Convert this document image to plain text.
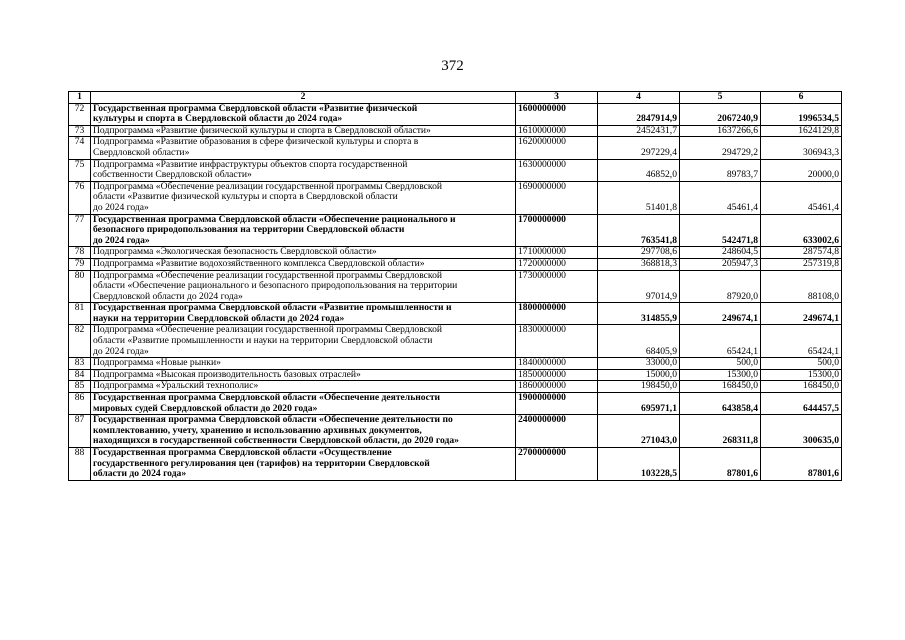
372
1	2	3	4	5	6
72	Государственная программа Свердловской области «Развитие физической
культуры и спорта в Свердловской области до 2024 года»	1600000000	2847914,9	2067240,9	1996534,5
73	Подпрограмма «Развитие физической культуры и спорта в Свердловской области»	1610000000	2452431,7	1637266,6	1624129,8
74	Подпрограмма «Развитие образования в сфере физической культуры и спорта в
Свердловской области»	1620000000	297229,4	294729,2	306943,3
75	Подпрограмма «Развитие инфраструктуры объектов спорта государственной
собственности Свердловской области»	1630000000	46852,0	89783,7	20000,0
76	Подпрограмма «Обеспечение реализации государственной программы Свердловской
области «Развитие физической культуры и спорта в Свердловской области
до 2024 года»	1690000000	51401,8	45461,4	45461,4
77	Государственная программа Свердловской области «Обеспечение рационального и
безопасного природопользования на территории Свердловской области
до 2024 года»	1700000000	763541,8	542471,8	633002,6
78	Подпрограмма «Экологическая безопасность Свердловской области»	1710000000	297708,6	248604,5	287574,8
79	Подпрограмма «Развитие водохозяйственного комплекса Свердловской области»	1720000000	368818,3	205947,3	257319,8
80	Подпрограмма «Обеспечение реализации государственной программы Свердловской
области «Обеспечение рационального и безопасного природопользования на территории
Свердловской области до 2024 года»	1730000000	97014,9	87920,0	88108,0
81	Государственная программа Свердловской области «Развитие промышленности и
науки на территории Свердловской области до 2024 года»	1800000000	314855,9	249674,1	249674,1
82	Подпрограмма «Обеспечение реализации государственной программы Свердловской
области «Развитие промышленности и науки на территории Свердловской области
до 2024 года»	1830000000	68405,9	65424,1	65424,1
83	Подпрограмма «Новые рынки»	1840000000	33000,0	500,0	500,0
84	Подпрограмма «Высокая производительность базовых отраслей»	1850000000	15000,0	15300,0	15300,0
85	Подпрограмма «Уральский технополис»	1860000000	198450,0	168450,0	168450,0
86	Государственная программа Свердловской области «Обеспечение деятельности
мировых судей Свердловской области до 2020 года»	1900000000	695971,1	643858,4	644457,5
87	Государственная программа Свердловской области «Обеспечение деятельности по
комплектованию, учету, хранению и использованию архивных документов,
находящихся в государственной собственности Свердловской области, до 2020 года»	2400000000	271043,0	268311,8	300635,0
88	Государственная программа Свердловской области «Осуществление
государственного регулирования цен (тарифов) на территории Свердловской
области до 2024 года»	2700000000	103228,5	87801,6	87801,6
